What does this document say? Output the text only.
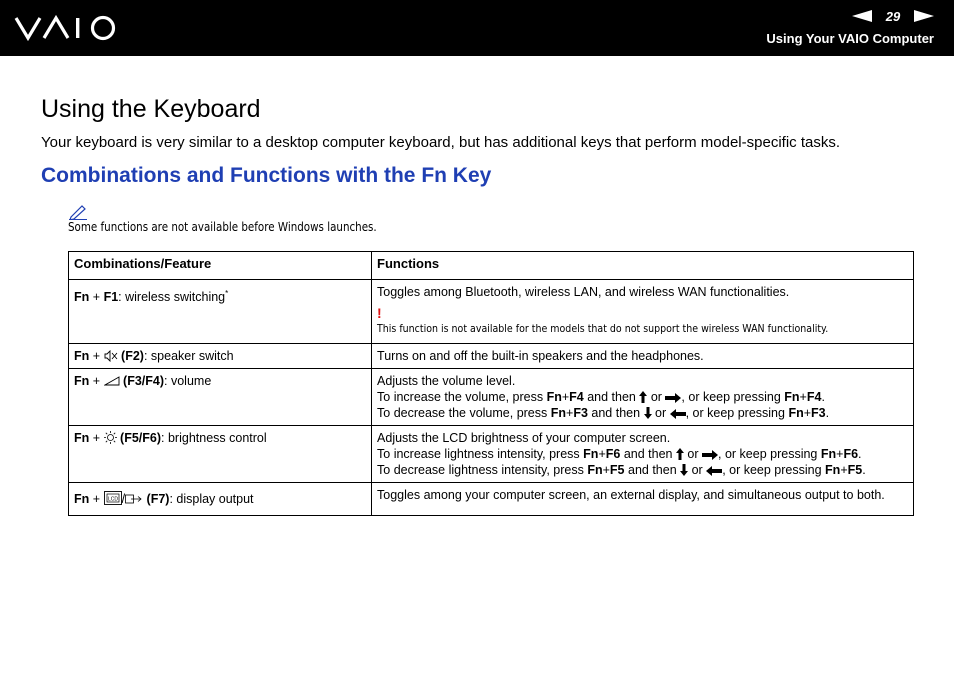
29
Using Your VAIO Computer
Using the Keyboard

Your keyboard is very similar to a desktop computer keyboard, but has additional keys that perform model-specific tasks.

Combinations and Functions with the Fn Key
Some functions are not available before Windows launches.
Combinations/Feature	Functions
Fn + F1: wireless switching*	Toggles among Bluetooth, wireless LAN, and wireless WAN functionalities.
!
This function is not available for the models that do not support the wireless WAN functionality.
Fn + (F2): speaker switch	Turns on and off the built-in speakers and the headphones.
Fn + (F3/F4): volume	Adjusts the volume level.
To increase the volume, press Fn+F4 and then  or , or keep pressing Fn+F4.
To decrease the volume, press Fn+F3 and then  or , or keep pressing Fn+F3.

Fn + (F5/F6): brightness control	Adjusts the LCD brightness of your computer screen.
To increase lightness intensity, press Fn+F6 and then  or , or keep pressing Fn+F6.
To decrease lightness intensity, press Fn+F5 and then  or , or keep pressing Fn+F5.

Fn + LCD / (F7): display output	Toggles among your computer screen, an external display, and simultaneous output to both.
